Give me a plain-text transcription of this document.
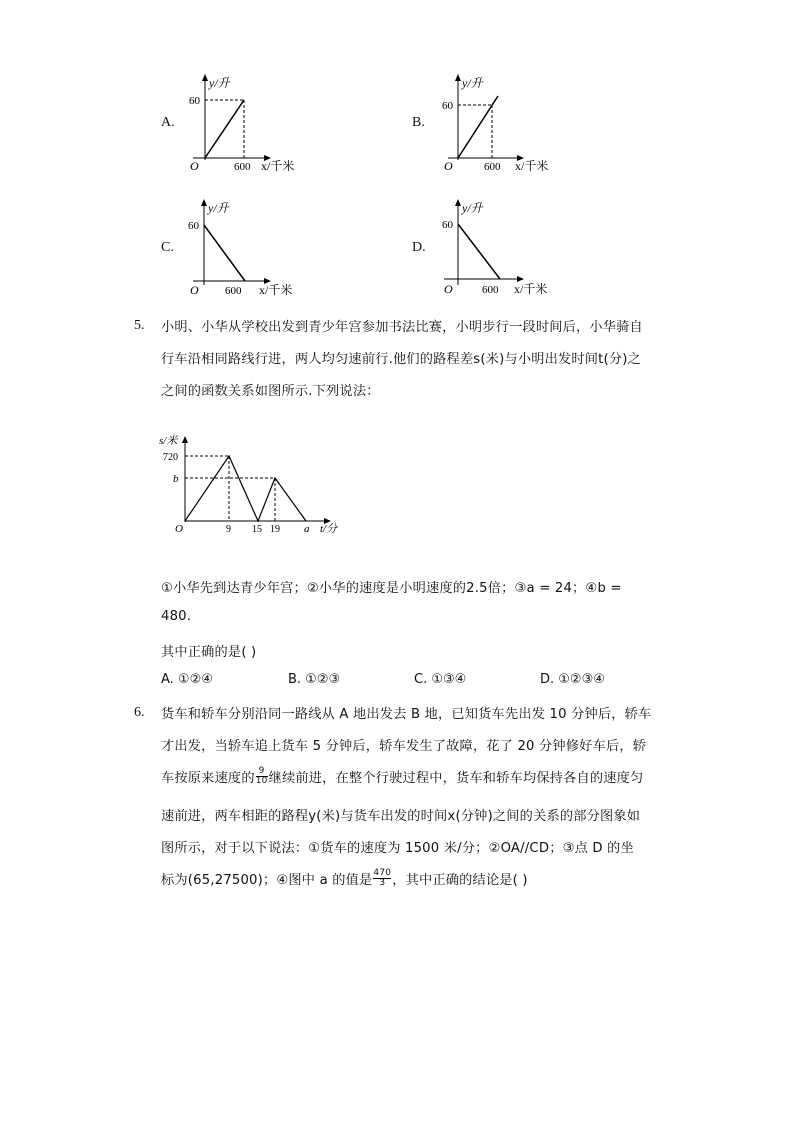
A.
y/升
60
O	600 x/千米
B.
y/升
60
O	600 x/千米
C.
y/升
60
O 600 x/千米
D.
y/升
60
O	600 x/千米
5. 小明、小华从学校出发到青少年宫参加书法比赛，小明步行一段时间后，小华骑自
行车沿相同路线行进，两人均匀速前行.他们的路程差s(米)与小明出发时间t(分)之
之间的函数关系如图所示.下列说法：
s/米
720
b
O	9 15 19 a t/分
①小华先到达青少年宫；②小华的速度是小明速度的2.5倍；③a = 24；④b =
480.
其中正确的是( )
A. ①②④	B. ①②③	C. ①③④	D. ①②③④
6. 货车和轿车分别沿同一路线从 A 地出发去 B 地，已知货车先出发 10 分钟后，轿车
才出发，当轿车追上货车 5 分钟后，轿车发生了故障，花了 20 分钟修好车后，轿
车按原来速度的 9
10 继续前进，在整个行驶过程中，货车和轿车均保持各自的速度匀
速前进，两车相距的路程y(米)与货车出发的时间x(分钟)之间的关系的部分图象如
图所示，对于以下说法：①货车的速度为 1500 米/分；②OA//CD；③点 D 的坐
标为(65,27500)；④图中 a 的值是 470
3 ，其中正确的结论是( )
